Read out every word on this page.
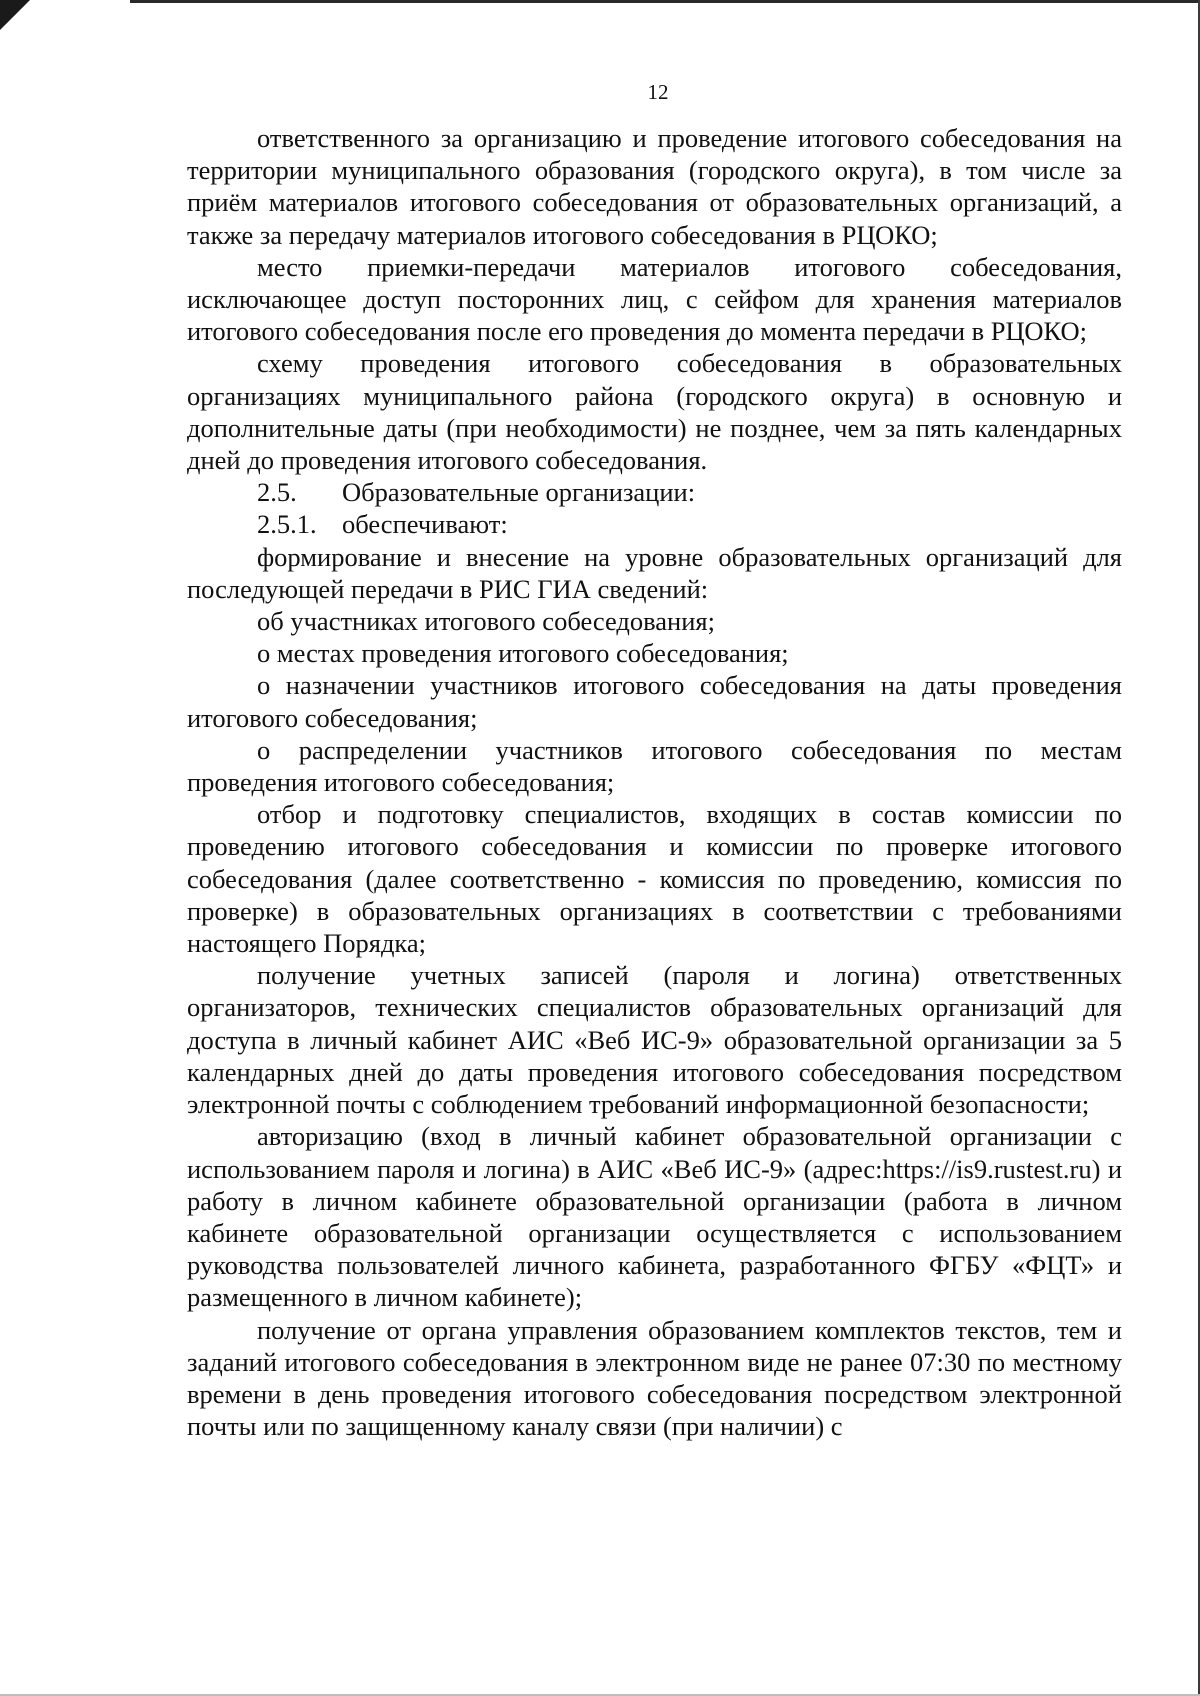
12

ответственного за организацию и проведение итогового собеседования на территории муниципального образования (городского округа), в том числе за приём материалов итогового собеседования от образовательных организаций, а также за передачу материалов итогового собеседования в РЦОКО;

место приемки-передачи материалов итогового собеседования, исключающее доступ посторонних лиц, с сейфом для хранения материалов итогового собеседования после его проведения до момента передачи в РЦОКО;

схему проведения итогового собеседования в образовательных организациях муниципального района (городского округа) в основную и дополнительные даты (при необходимости) не позднее, чем за пять календарных дней до проведения итогового собеседования.

2.5. Образовательные организации:
2.5.1. обеспечивают:

формирование и внесение на уровне образовательных организаций для последующей передачи в РИС ГИА сведений:

об участниках итогового собеседования;

о местах проведения итогового собеседования;

о назначении участников итогового собеседования на даты проведения итогового собеседования;

о распределении участников итогового собеседования по местам проведения итогового собеседования;

отбор и подготовку специалистов, входящих в состав комиссии по проведению итогового собеседования и комиссии по проверке итогового собеседования (далее соответственно - комиссия по проведению, комиссия по проверке) в образовательных организациях в соответствии с требованиями настоящего Порядка;

получение учетных записей (пароля и логина) ответственных организаторов, технических специалистов образовательных организаций для доступа в личный кабинет АИС «Веб ИС-9» образовательной организации за 5 календарных дней до даты проведения итогового собеседования посредством электронной почты с соблюдением требований информационной безопасности;

авторизацию (вход в личный кабинет образовательной организации с использованием пароля и логина) в АИС «Веб ИС-9» (адрес:https://is9.rustest.ru) и работу в личном кабинете образовательной организации (работа в личном кабинете образовательной организации осуществляется с использованием руководства пользователей личного кабинета, разработанного ФГБУ «ФЦТ» и размещенного в личном кабинете);

получение от органа управления образованием комплектов текстов, тем и заданий итогового собеседования в электронном виде не ранее 07:30 по местному времени в день проведения итогового собеседования посредством электронной почты или по защищенному каналу связи (при наличии) с
